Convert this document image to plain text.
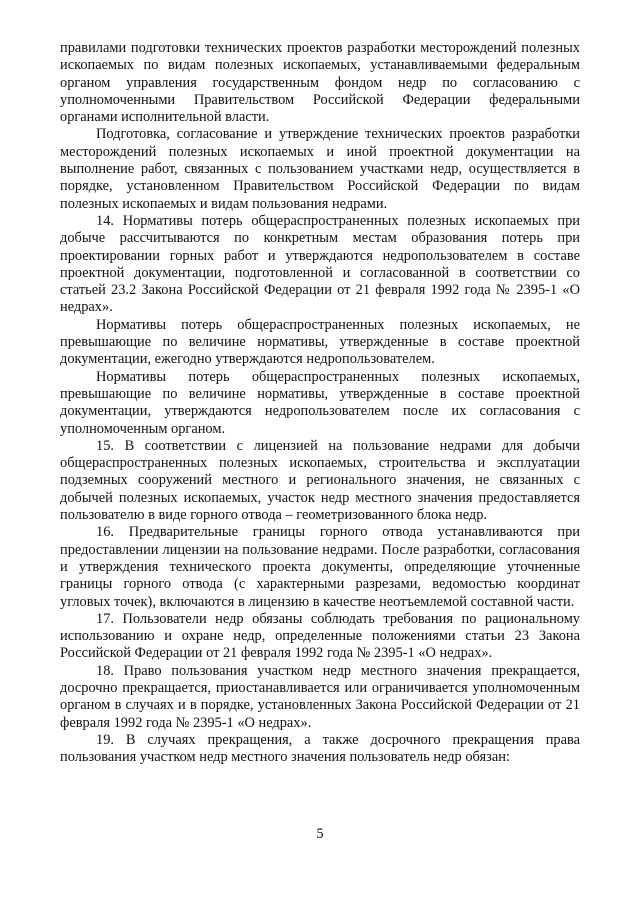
правилами подготовки технических проектов разработки месторождений полезных ископаемых по видам полезных ископаемых, устанавливаемыми федеральным органом управления государственным фондом недр по согласованию с уполномоченными Правительством Российской Федерации федеральными органами исполнительной власти.

Подготовка, согласование и утверждение технических проектов разработки месторождений полезных ископаемых и иной проектной документации на выполнение работ, связанных с пользованием участками недр, осуществляется в порядке, установленном Правительством Российской Федерации по видам полезных ископаемых и видам пользования недрами.

14. Нормативы потерь общераспространенных полезных ископаемых при добыче рассчитываются по конкретным местам образования потерь при проектировании горных работ и утверждаются недропользователем в составе проектной документации, подготовленной и согласованной в соответствии со статьей 23.2 Закона Российской Федерации от 21 февраля 1992 года № 2395-1 «О недрах».

Нормативы потерь общераспространенных полезных ископаемых, не превышающие по величине нормативы, утвержденные в составе проектной документации, ежегодно утверждаются недропользователем.

Нормативы потерь общераспространенных полезных ископаемых, превышающие по величине нормативы, утвержденные в составе проектной документации, утверждаются недропользователем после их согласования с уполномоченным органом.

15. В соответствии с лицензией на пользование недрами для добычи общераспространенных полезных ископаемых, строительства и эксплуатации подземных сооружений местного и регионального значения, не связанных с добычей полезных ископаемых, участок недр местного значения предоставляется пользователю в виде горного отвода – геометризованного блока недр.

16. Предварительные границы горного отвода устанавливаются при предоставлении лицензии на пользование недрами. После разработки, согласования и утверждения технического проекта документы, определяющие уточненные границы горного отвода (с характерными разрезами, ведомостью координат угловых точек), включаются в лицензию в качестве неотъемлемой составной части.

17. Пользователи недр обязаны соблюдать требования по рациональному использованию и охране недр, определенные положениями статьи 23 Закона Российской Федерации от 21 февраля 1992 года № 2395-1 «О недрах».

18. Право пользования участком недр местного значения прекращается, досрочно прекращается, приостанавливается или ограничивается уполномоченным органом в случаях и в порядке, установленных Закона Российской Федерации от 21 февраля 1992 года № 2395-1 «О недрах».

19. В случаях прекращения, а также досрочного прекращения права пользования участком недр местного значения пользователь недр обязан:

5
